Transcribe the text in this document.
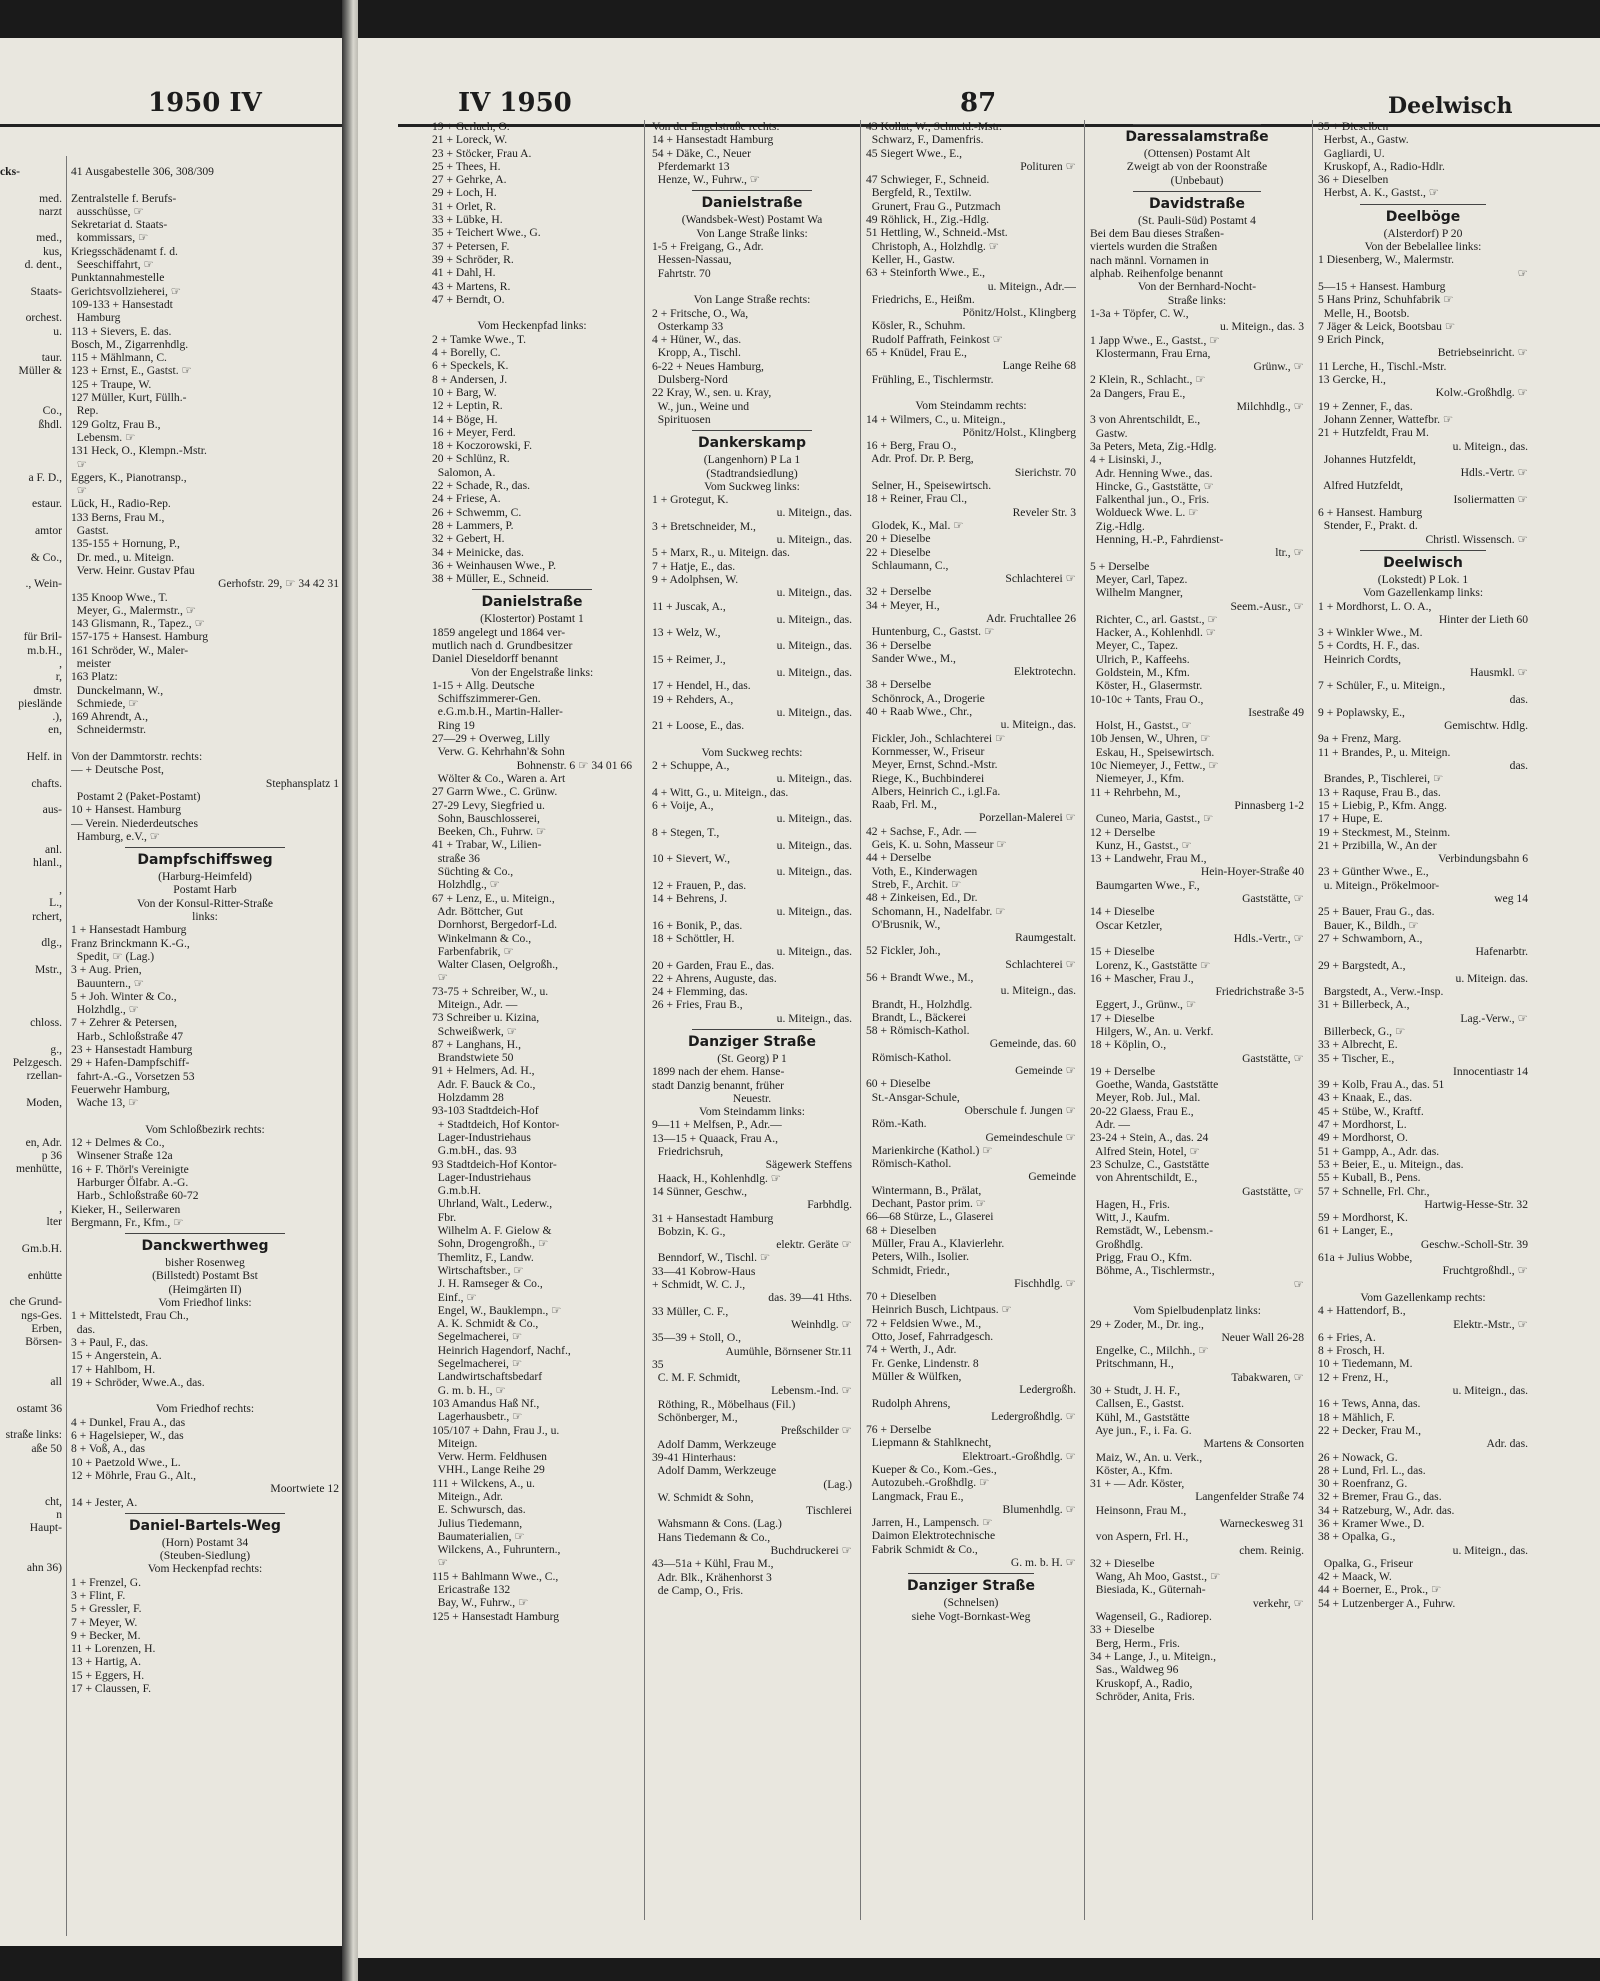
1950 IV
cks-

med.
narzt

med.,
kus,
d. dent.,

Staats-

orchest.
u.

taur.
Müller &

Co.,
ßhdl.

a F. D.,

estaur.

amtor

& Co.,

., Wein-

für Bril-
m.b.H.,
,
r,
dmstr.
pieslände
.),
en,

Helf. in

chafts.

aus-

anl.
hlanl.,

,
L.,
rchert,

dlg.,

Mstr.,

chloss.

g.,
Pelzgesch.
rzellan-

Moden,

en, Adr.
p 36
menhütte,

,
lter

Gm.b.H.

enhütte

che Grund-
ngs-Ges.
Erben,
Börsen-

all

ostamt 36

straße links:
aße 50

cht,
n
Haupt-

ahn 36)
41 Ausgabestelle 306, 308/309

Zentralstelle f. Berufs-
ausschüsse, ☞
Sekretariat d. Staats-
kommissars, ☞
Kriegsschädenamt f. d.
Seeschiffahrt, ☞
Punktannahmestelle
Gerichtsvollzieherei, ☞
109-133 + Hansestadt
Hamburg
113 + Sievers, E. das.
Bosch, M., Zigarrenhdlg.
115 + Mählmann, C.
123 + Ernst, E., Gastst. ☞
125 + Traupe, W.
127 Müller, Kurt, Füllh.-
Rep.
129 Goltz, Frau B.,
Lebensm. ☞
131 Heck, O., Klempn.-Mstr.
☞
Eggers, K., Pianotransp.,
☞
Lück, H., Radio-Rep.
133 Berns, Frau M.,
Gastst.
135-155 + Hornung, P.,
Dr. med., u. Miteign.
Verw. Heinr. Gustav Pfau
Gerhofstr. 29, ☞ 34 42 31
135 Knoop Wwe., T.
Meyer, G., Malermstr., ☞
143 Glismann, R., Tapez., ☞
157-175 + Hansest. Hamburg
161 Schröder, W., Maler-
meister
163 Platz:
Dunckelmann, W.,
Schmiede, ☞
169 Ahrendt, A.,
Schneidermstr.

Von der Dammtorstr. rechts:
— + Deutsche Post,
Stephansplatz 1
Postamt 2 (Paket-Postamt)
10 + Hansest. Hamburg
— Verein. Niederdeutsches
Hamburg, e.V., ☞
Dampfschiffsweg
(Harburg-Heimfeld)
Postamt Harb
Von der Konsul-Ritter-Straße
links:
1 + Hansestadt Hamburg
Franz Brinckmann K.-G.,
Spedit, ☞ (Lag.)
3 + Aug. Prien,
Bauuntern., ☞
5 + Joh. Winter & Co.,
Holzhdlg., ☞
7 + Zehrer & Petersen,
Harb., Schloßstraße 47
23 + Hansestadt Hamburg
29 + Hafen-Dampfschiff-
fahrt-A.-G., Vorsetzen 53
Feuerwehr Hamburg,
Wache 13, ☞

Vom Schloßbezirk rechts:
12 + Delmes & Co.,
Winsener Straße 12a
16 + F. Thörl's Vereinigte
Harburger Ölfabr. A.-G.
Harb., Schloßstraße 60-72
Kieker, H., Seilerwaren
Bergmann, Fr., Kfm., ☞
Danckwerthweg
bisher Rosenweg
(Billstedt) Postamt Bst
(Heimgärten II)
Vom Friedhof links:
1 + Mittelstedt, Frau Ch.,
das.
3 + Paul, F., das.
15 + Angerstein, A.
17 + Hahlbom, H.
19 + Schröder, Wwe.A., das.

Vom Friedhof rechts:
4 + Dunkel, Frau A., das
6 + Hagelsieper, W., das
8 + Voß, A., das
10 + Paetzold Wwe., L.
12 + Möhrle, Frau G., Alt.,
Moortwiete 12
14 + Jester, A.
Daniel-Bartels-Weg
(Horn) Postamt 34
(Steuben-Siedlung)
Vom Heckenpfad rechts:
1 + Frenzel, G.
3 + Flint, F.
5 + Gressler, F.
7 + Meyer, W.
9 + Becker, M.
11 + Lorenzen, H.
13 + Hartig, A.
15 + Eggers, H.
17 + Claussen, F.
IV 1950	87	Deelwisch
19 + Gerlach, O.
21 + Loreck, W.
23 + Stöcker, Frau A.
25 + Thees, H.
27 + Gehrke, A.
29 + Loch, H.
31 + Orlet, R.
33 + Lübke, H.
35 + Teichert Wwe., G.
37 + Petersen, F.
39 + Schröder, R.
41 + Dahl, H.
43 + Martens, R.
47 + Berndt, O.

Vom Heckenpfad links:
2 + Tamke Wwe., T.
4 + Borelly, C.
6 + Speckels, K.
8 + Andersen, J.
10 + Barg, W.
12 + Leptin, R.
14 + Böge, H.
16 + Meyer, Ferd.
18 + Koczorowski, F.
20 + Schlünz, R.
Salomon, A.
22 + Schade, R., das.
24 + Friese, A.
26 + Schwemm, C.
28 + Lammers, P.
32 + Gebert, H.
34 + Meinicke, das.
36 + Weinhausen Wwe., P.
38 + Müller, E., Schneid.
Danielstraße
(Klostertor) Postamt 1
1859 angelegt und 1864 ver-
mutlich nach d. Grundbesitzer
Daniel Dieseldorff benannt
Von der Engelstraße links:
1-15 + Allg. Deutsche
Schiffszimmerer-Gen.
e.G.m.b.H., Martin-Haller-
Ring 19
27—29 + Overweg, Lilly
Verw. G. Kehrhahn'& Sohn
Bohnenstr. 6 ☞ 34 01 66
Wölter & Co., Waren a. Art
27 Garrn Wwe., C. Grünw.
27-29 Levy, Siegfried u.
Sohn, Bauschlosserei,
Beeken, Ch., Fuhrw. ☞
41 + Trabar, W., Lilien-
straße 36
Süchting & Co.,
Holzhdlg., ☞
67 + Lenz, E., u. Miteign.,
Adr. Böttcher, Gut
Dornhorst, Bergedorf-Ld.
Winkelmann & Co.,
Farbenfabrik, ☞
Walter Clasen, Oelgroßh.,
☞
73-75 + Schreiber, W., u.
Miteign., Adr. —
73 Schreiber u. Kizina,
Schweißwerk, ☞
87 + Langhans, H.,
Brandstwiete 50
91 + Helmers, Ad. H.,
Adr. F. Bauck & Co.,
Holzdamm 28
93-103 Stadtdeich-Hof
+ Stadtdeich, Hof Kontor-
Lager-Industriehaus
G.m.bH., das. 93
93 Stadtdeich-Hof Kontor-
Lager-Industriehaus
G.m.b.H.
Uhrland, Walt., Lederw.,
Fbr.
Wilhelm A. F. Gielow &
Sohn, Drogengroßh., ☞
Themlitz, F., Landw.
Wirtschaftsber., ☞
J. H. Ramseger & Co.,
Einf., ☞
Engel, W., Bauklempn., ☞
A. K. Schmidt & Co.,
Segelmacherei, ☞
Heinrich Hagendorf, Nachf.,
Segelmacherei, ☞
Landwirtschaftsbedarf
G. m. b. H., ☞
103 Amandus Haß Nf.,
Lagerhausbetr., ☞
105/107 + Dahn, Frau J., u.
Miteign.
Verw. Herm. Feldhusen
VHH., Lange Reihe 29
111 + Wilckens, A., u.
Miteign., Adr.
E. Schwursch, das.
Julius Tiedemann,
Baumaterialien, ☞
Wilckens, A., Fuhruntern.,
☞
115 + Bahlmann Wwe., C.,
Ericastraße 132
Bay, W., Fuhrw., ☞
125 + Hansestadt Hamburg
Von der Engelstraße rechts:
14 + Hansestadt Hamburg
54 + Däke, C., Neuer
Pferdemarkt 13
Henze, W., Fuhrw., ☞
Danielstraße
(Wandsbek-West) Postamt Wa
Von Lange Straße links:
1-5 + Freigang, G., Adr.
Hessen-Nassau,
Fahrtstr. 70

Von Lange Straße rechts:
2 + Fritsche, O., Wa,
Osterkamp 33
4 + Hüner, W., das.
Kropp, A., Tischl.
6-22 + Neues Hamburg,
Dulsberg-Nord
22 Kray, W., sen. u. Kray,
W., jun., Weine und
Spirituosen
Dankerskamp
(Langenhorn) P La 1
(Stadtrandsiedlung)
Vom Suckweg links:
1 + Grotegut, K.
u. Miteign., das.
3 + Bretschneider, M.,
u. Miteign., das.
5 + Marx, R., u. Miteign. das.
7 + Hatje, E., das.
9 + Adolphsen, W.
u. Miteign., das.
11 + Juscak, A.,
u. Miteign., das.
13 + Welz, W.,
u. Miteign., das.
15 + Reimer, J.,
u. Miteign., das.
17 + Hendel, H., das.
19 + Rehders, A.,
u. Miteign., das.
21 + Loose, E., das.

Vom Suckweg rechts:
2 + Schuppe, A.,
u. Miteign., das.
4 + Witt, G., u. Miteign., das.
6 + Voije, A.,
u. Miteign., das.
8 + Stegen, T.,
u. Miteign., das.
10 + Sievert, W.,
u. Miteign., das.
12 + Frauen, P., das.
14 + Behrens, J.
u. Miteign., das.
16 + Bonik, P., das.
18 + Schöttler, H.
u. Miteign., das.
20 + Garden, Frau E., das.
22 + Ahrens, Auguste, das.
24 + Flemming, das.
26 + Fries, Frau B.,
u. Miteign., das.
Danziger Straße
(St. Georg) P 1
1899 nach der ehem. Hanse-
stadt Danzig benannt, früher
Neuestr.
Vom Steindamm links:
9—11 + Melfsen, P., Adr.—
13—15 + Quaack, Frau A.,
Friedrichsruh,
Sägewerk Steffens
Haack, H., Kohlenhdlg. ☞
14 Sünner, Geschw.,
Farbhdlg.
31 + Hansestadt Hamburg
Bobzin, K. G.,
elektr. Geräte ☞
Benndorf, W., Tischl. ☞
33—41 Kobrow-Haus
+ Schmidt, W. C. J.,
das. 39—41 Hths.
33 Müller, C. F.,
Weinhdlg. ☞
35—39 + Stoll, O.,
Aumühle, Börnsener Str.11
35
C. M. F. Schmidt,
Lebensm.-Ind. ☞
Röthing, R., Möbelhaus (Fil.)
Schönberger, M.,
Preßschilder ☞
Adolf Damm, Werkzeuge
39-41 Hinterhaus:
Adolf Damm, Werkzeuge
(Lag.)
W. Schmidt & Sohn,
Tischlerei
Wahsmann & Cons. (Lag.)
Hans Tiedemann & Co.,
Buchdruckerei ☞
43—51a + Kühl, Frau M.,
Adr. Blk., Krähenhorst 3
de Camp, O., Fris.
43 Kollat, W., Schneid.-Mstr.
Schwarz, F., Damenfris.
45 Siegert Wwe., E.,
Polituren ☞
47 Schwieger, F., Schneid.
Bergfeld, R., Textilw.
Grunert, Frau G., Putzmach
49 Röhlick, H., Zig.-Hdlg.
51 Hettling, W., Schneid.-Mst.
Christoph, A., Holzhdlg. ☞
Keller, H., Gastw.
63 + Steinforth Wwe., E.,
u. Miteign., Adr.—
Friedrichs, E., Heißm.
Pönitz/Holst., Klingberg
Kösler, R., Schuhm.
Rudolf Paffrath, Feinkost ☞
65 + Knüdel, Frau E.,
Lange Reihe 68
Frühling, E., Tischlermstr.

Vom Steindamm rechts:
14 + Wilmers, C., u. Miteign.,
Pönitz/Holst., Klingberg
16 + Berg, Frau O.,
Adr. Prof. Dr. P. Berg,
Sierichstr. 70
Selner, H., Speisewirtsch.
18 + Reiner, Frau Cl.,
Reveler Str. 3
Glodek, K., Mal. ☞
20 + Dieselbe
22 + Dieselbe
Schlaumann, C.,
Schlachterei ☞
32 + Derselbe
34 + Meyer, H.,
Adr. Fruchtallee 26
Huntenburg, C., Gastst. ☞
36 + Derselbe
Sander Wwe., M.,
Elektrotechn.
38 + Derselbe
Schönrock, A., Drogerie
40 + Raab Wwe., Chr.,
u. Miteign., das.
Fickler, Joh., Schlachterei ☞
Kornmesser, W., Friseur
Meyer, Ernst, Schnd.-Mstr.
Riege, K., Buchbinderei
Albers, Heinrich C., i.gl.Fa.
Raab, Frl. M.,
Porzellan-Malerei ☞
42 + Sachse, F., Adr. —
Geis, K. u. Sohn, Masseur ☞
44 + Derselbe
Voth, E., Kinderwagen
Streb, F., Archit. ☞
48 + Zinkeisen, Ed., Dr.
Schomann, H., Nadelfabr. ☞
O'Brusnik, W.,
Raumgestalt.
52 Fickler, Joh.,
Schlachterei ☞
56 + Brandt Wwe., M.,
u. Miteign., das.
Brandt, H., Holzhdlg.
Brandt, L., Bäckerei
58 + Römisch-Kathol.
Gemeinde, das. 60
Römisch-Kathol.
Gemeinde ☞
60 + Dieselbe
St.-Ansgar-Schule,
Oberschule f. Jungen ☞
Röm.-Kath.
Gemeindeschule ☞
Marienkirche (Kathol.) ☞
Römisch-Kathol.
Gemeinde
Wintermann, B., Prälat,
Dechant, Pastor prim. ☞
66—68 Stürze, L., Glaserei
68 + Dieselben
Müller, Frau A., Klavierlehr.
Peters, Wilh., Isolier.
Schmidt, Friedr.,
Fischhdlg. ☞
70 + Dieselben
Heinrich Busch, Lichtpaus. ☞
72 + Feldsien Wwe., M.,
Otto, Josef, Fahrradgesch.
74 + Werth, J., Adr.
Fr. Genke, Lindenstr. 8
Müller & Wülfken,
Ledergroßh.
Rudolph Ahrens,
Ledergroßhdlg. ☞
76 + Derselbe
Liepmann & Stahlknecht,
Elektroart.-Großhdlg. ☞
Kueper & Co., Kom.-Ges.,
Autozubeh.-Großhdlg. ☞
Langmack, Frau E.,
Blumenhdlg. ☞
Jarren, H., Lampensch. ☞
Daimon Elektrotechnische
Fabrik Schmidt & Co.,
G. m. b. H. ☞
Danziger Straße
(Schnelsen)
siehe Vogt-Bornkast-Weg
Daressalamstraße
(Ottensen) Postamt Alt
Zweigt ab von der Roonstraße
(Unbebaut)
Davidstraße
(St. Pauli-Süd) Postamt 4
Bei dem Bau dieses Straßen-
viertels wurden die Straßen
nach männl. Vornamen in
alphab. Reihenfolge benannt
Von der Bernhard-Nocht-
Straße links:
1-3a + Töpfer, C. W.,
u. Miteign., das. 3
1 Japp Wwe., E., Gastst., ☞
Klostermann, Frau Erna,
Grünw., ☞
2 Klein, R., Schlacht., ☞
2a Dangers, Frau E.,
Milchhdlg., ☞
3 von Ahrentschildt, E.,
Gastw.
3a Peters, Meta, Zig.-Hdlg.
4 + Lisinski, J.,
Adr. Henning Wwe., das.
Hincke, G., Gaststätte, ☞
Falkenthal jun., O., Fris.
Woldueck Wwe. L. ☞
Zig.-Hdlg.
Henning, H.-P., Fahrdienst-
ltr., ☞
5 + Derselbe
Meyer, Carl, Tapez.
Wilhelm Mangner,
Seem.-Ausr., ☞
Richter, C., arl. Gastst., ☞
Hacker, A., Kohlenhdl. ☞
Meyer, C., Tapez.
Ulrich, P., Kaffeehs.
Goldstein, M., Kfm.
Köster, H., Glasermstr.
10-10c + Tants, Frau O.,
Isestraße 49
Holst, H., Gastst., ☞
10b Jensen, W., Uhren, ☞
Eskau, H., Speisewirtsch.
10c Niemeyer, J., Fettw., ☞
Niemeyer, J., Kfm.
11 + Rehrbehn, M.,
Pinnasberg 1-2
Cuneo, Maria, Gastst., ☞
12 + Derselbe
Kunz, H., Gastst., ☞
13 + Landwehr, Frau M.,
Hein-Hoyer-Straße 40
Baumgarten Wwe., F.,
Gaststätte, ☞
14 + Dieselbe
Oscar Ketzler,
Hdls.-Vertr., ☞
15 + Dieselbe
Lorenz, K., Gaststätte ☞
16 + Mascher, Frau J.,
Friedrichstraße 3-5
Eggert, J., Grünw., ☞
17 + Dieselbe
Hilgers, W., An. u. Verkf.
18 + Köplin, O.,
Gaststätte, ☞
19 + Derselbe
Goethe, Wanda, Gaststätte
Meyer, Rob. Jul., Mal.
20-22 Glaess, Frau E.,
Adr. —
23-24 + Stein, A., das. 24
Alfred Stein, Hotel, ☞
23 Schulze, C., Gaststätte
von Ahrentschildt, E.,
Gaststätte, ☞
Hagen, H., Fris.
Witt, J., Kaufm.
Remstädt, W., Lebensm.-
Großhdlg.
Prigg, Frau O., Kfm.
Böhme, A., Tischlermstr.,
☞

Vom Spielbudenplatz links:
29 + Zoder, M., Dr. ing.,
Neuer Wall 26-28
Engelke, C., Milchh., ☞
Pritschmann, H.,
Tabakwaren, ☞
30 + Studt, J. H. F.,
Callsen, E., Gastst.
Kühl, M., Gaststätte
Aye jun., F., i. Fa. G.
Martens & Consorten
Maiz, W., An. u. Verk.,
Köster, A., Kfm.
31 + — Adr. Köster,
Langenfelder Straße 74
Heinsonn, Frau M.,
Warneckesweg 31
von Aspern, Frl. H.,
chem. Reinig.
32 + Dieselbe
Wang, Ah Moo, Gastst., ☞
Biesiada, K., Güternah-
verkehr, ☞
Wagenseil, G., Radiorep.
33 + Dieselbe
Berg, Herm., Fris.
34 + Lange, J., u. Miteign.,
Sas., Waldweg 96
Kruskopf, A., Radio,
Schröder, Anita, Fris.
35 + Dieselben
Herbst, A., Gastw.
Gagliardi, U.
Kruskopf, A., Radio-Hdlr.
36 + Dieselben
Herbst, A. K., Gastst., ☞
Deelböge
(Alsterdorf) P 20
Von der Bebelallee links:
1 Diesenberg, W., Malermstr.
☞
5—15 + Hansest. Hamburg
5 Hans Prinz, Schuhfabrik ☞
Melle, H., Bootsb.
7 Jäger & Leick, Bootsbau ☞
9 Erich Pinck,
Betriebseinricht. ☞
11 Lerche, H., Tischl.-Mstr.
13 Gercke, H.,
Kolw.-Großhdlg. ☞
19 + Zenner, F., das.
Johann Zenner, Wattefbr. ☞
21 + Hutzfeldt, Frau M.
u. Miteign., das.
Johannes Hutzfeldt,
Hdls.-Vertr. ☞
Alfred Hutzfeldt,
Isoliermatten ☞
6 + Hansest. Hamburg
Stender, F., Prakt. d.
Christl. Wissensch. ☞
Deelwisch
(Lokstedt) P Lok. 1
Vom Gazellenkamp links:
1 + Mordhorst, L. O. A.,
Hinter der Lieth 60
3 + Winkler Wwe., M.
5 + Cordts, H. F., das.
Heinrich Cordts,
Hausmkl. ☞
7 + Schüler, F., u. Miteign.,
das.
9 + Poplawsky, E.,
Gemischtw. Hdlg.
9a + Frenz, Marg.
11 + Brandes, P., u. Miteign.
das.
Brandes, P., Tischlerei, ☞
13 + Raquse, Frau B., das.
15 + Liebig, P., Kfm. Angg.
17 + Hupe, E.
19 + Steckmest, M., Steinm.
21 + Przibilla, W., An der
Verbindungsbahn 6
23 + Günther Wwe., E.,
u. Miteign., Prökelmoor-
weg 14
25 + Bauer, Frau G., das.
Bauer, K., Bildh., ☞
27 + Schwamborn, A.,
Hafenarbtr.
29 + Bargstedt, A.,
u. Miteign. das.
Bargstedt, A., Verw.-Insp.
31 + Billerbeck, A.,
Lag.-Verw., ☞
Billerbeck, G., ☞
33 + Albrecht, E.
35 + Tischer, E.,
Innocentiastr 14
39 + Kolb, Frau A., das. 51
43 + Knaak, E., das.
45 + Stübe, W., Kraftf.
47 + Mordhorst, L.
49 + Mordhorst, O.
51 + Gampp, A., Adr. das.
53 + Beier, E., u. Miteign., das.
55 + Kuball, B., Pens.
57 + Schnelle, Frl. Chr.,
Hartwig-Hesse-Str. 32
59 + Mordhorst, K.
61 + Langer, E.,
Geschw.-Scholl-Str. 39
61a + Julius Wobbe,
Fruchtgroßhdl., ☞

Vom Gazellenkamp rechts:
4 + Hattendorf, B.,
Elektr.-Mstr., ☞
6 + Fries, A.
8 + Frosch, H.
10 + Tiedemann, M.
12 + Frenz, H.,
u. Miteign., das.
16 + Tews, Anna, das.
18 + Mählich, F.
22 + Decker, Frau M.,
Adr. das.
26 + Nowack, G.
28 + Lund, Frl. L., das.
30 + Roenfranz, G.
32 + Bremer, Frau G., das.
34 + Ratzeburg, W., Adr. das.
36 + Kramer Wwe., D.
38 + Opalka, G.,
u. Miteign., das.
Opalka, G., Friseur
42 + Maack, W.
44 + Boerner, E., Prok., ☞
54 + Lutzenberger A., Fuhrw.
